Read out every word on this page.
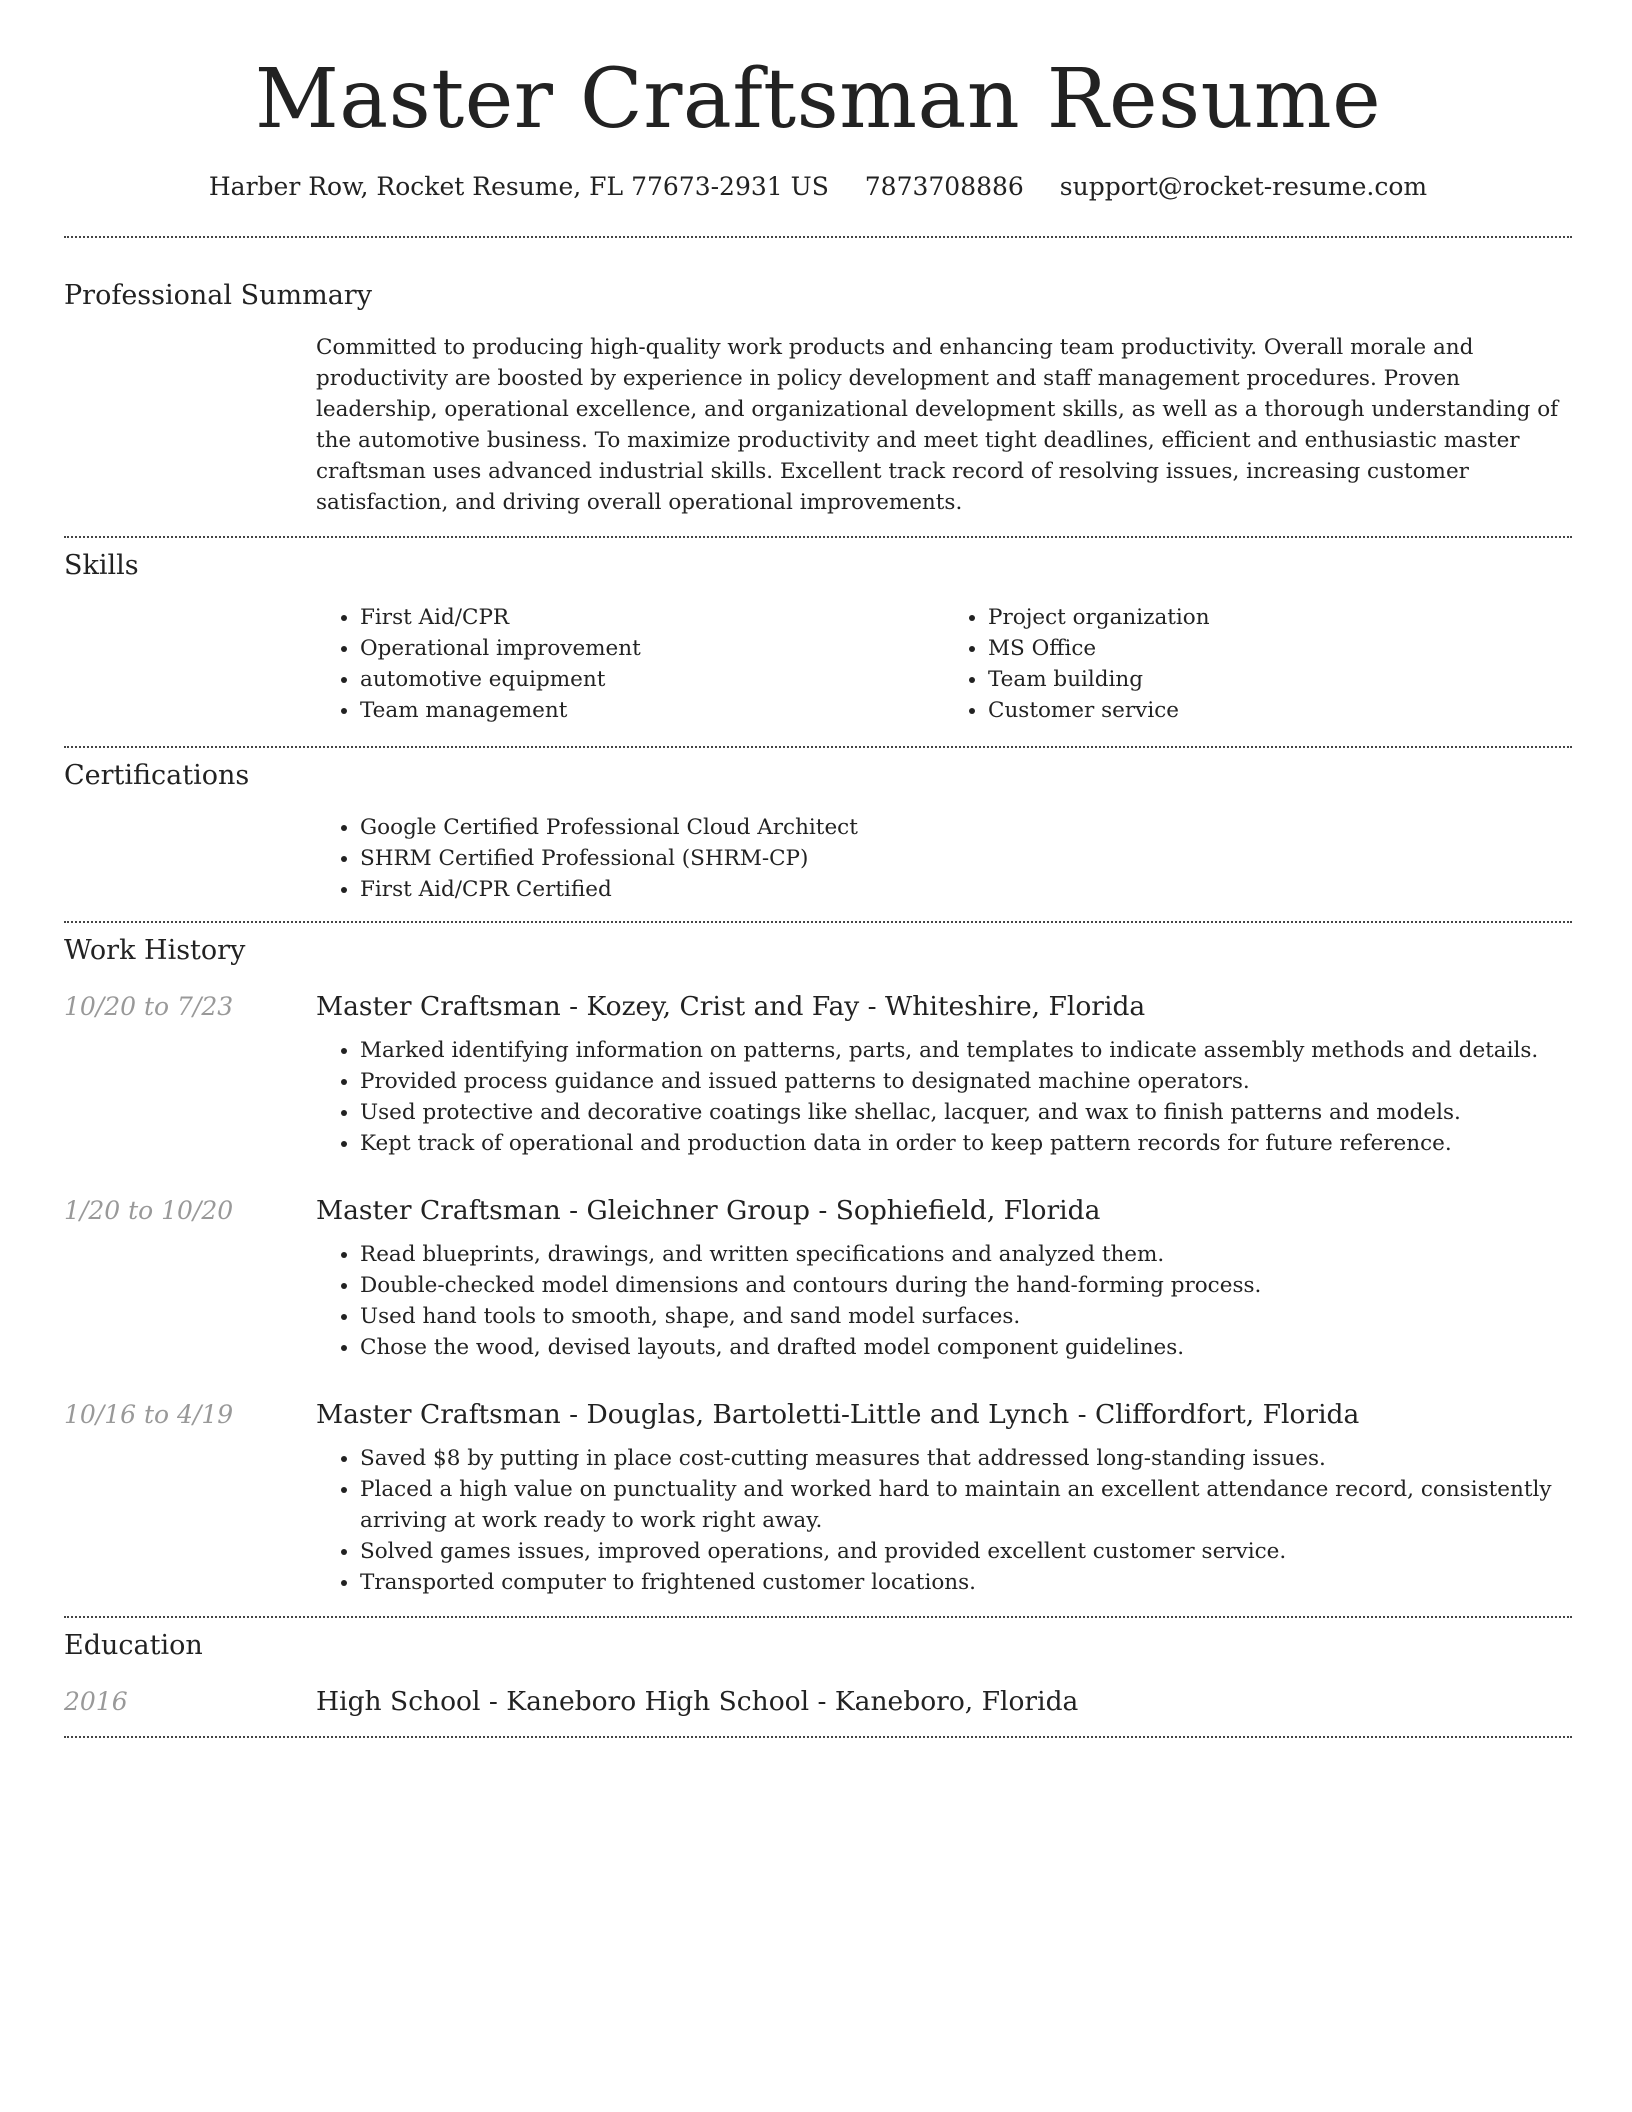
Master Craftsman Resume
Harber Row, Rocket Resume, FL 77673-2931 US 7873708886 support@rocket-resume.com
Professional Summary

Committed to producing high-quality work products and enhancing team productivity. Overall morale and productivity are boosted by experience in policy development and staff management procedures. Proven leadership, operational excellence, and organizational development skills, as well as a thorough understanding of the automotive business. To maximize productivity and meet tight deadlines, efficient and enthusiastic master craftsman uses advanced industrial skills. Excellent track record of resolving issues, increasing customer satisfaction, and driving overall operational improvements.

Skills
• First Aid/CPR
• Operational improvement
• automotive equipment
• Team management
• Project organization
• MS Office
• Team building
• Customer service
Certifications
• Google Certified Professional Cloud Architect
• SHRM Certified Professional (SHRM-CP)
• First Aid/CPR Certified
Work History
10/20 to 7/23	Master Craftsman - Kozey, Crist and Fay - Whiteshire, Florida
• Marked identifying information on patterns, parts, and templates to indicate assembly methods and details.
• Provided process guidance and issued patterns to designated machine operators.
• Used protective and decorative coatings like shellac, lacquer, and wax to finish patterns and models.
• Kept track of operational and production data in order to keep pattern records for future reference.
1/20 to 10/20	Master Craftsman - Gleichner Group - Sophiefield, Florida
• Read blueprints, drawings, and written specifications and analyzed them.
• Double-checked model dimensions and contours during the hand-forming process.
• Used hand tools to smooth, shape, and sand model surfaces.
• Chose the wood, devised layouts, and drafted model component guidelines.
10/16 to 4/19	Master Craftsman - Douglas, Bartoletti-Little and Lynch - Cliffordfort, Florida
• Saved $8 by putting in place cost-cutting measures that addressed long-standing issues.
• Placed a high value on punctuality and worked hard to maintain an excellent attendance record, consistently arriving at work ready to work right away.
• Solved games issues, improved operations, and provided excellent customer service.
• Transported computer to frightened customer locations.
Education
2016	High School - Kaneboro High School - Kaneboro, Florida
